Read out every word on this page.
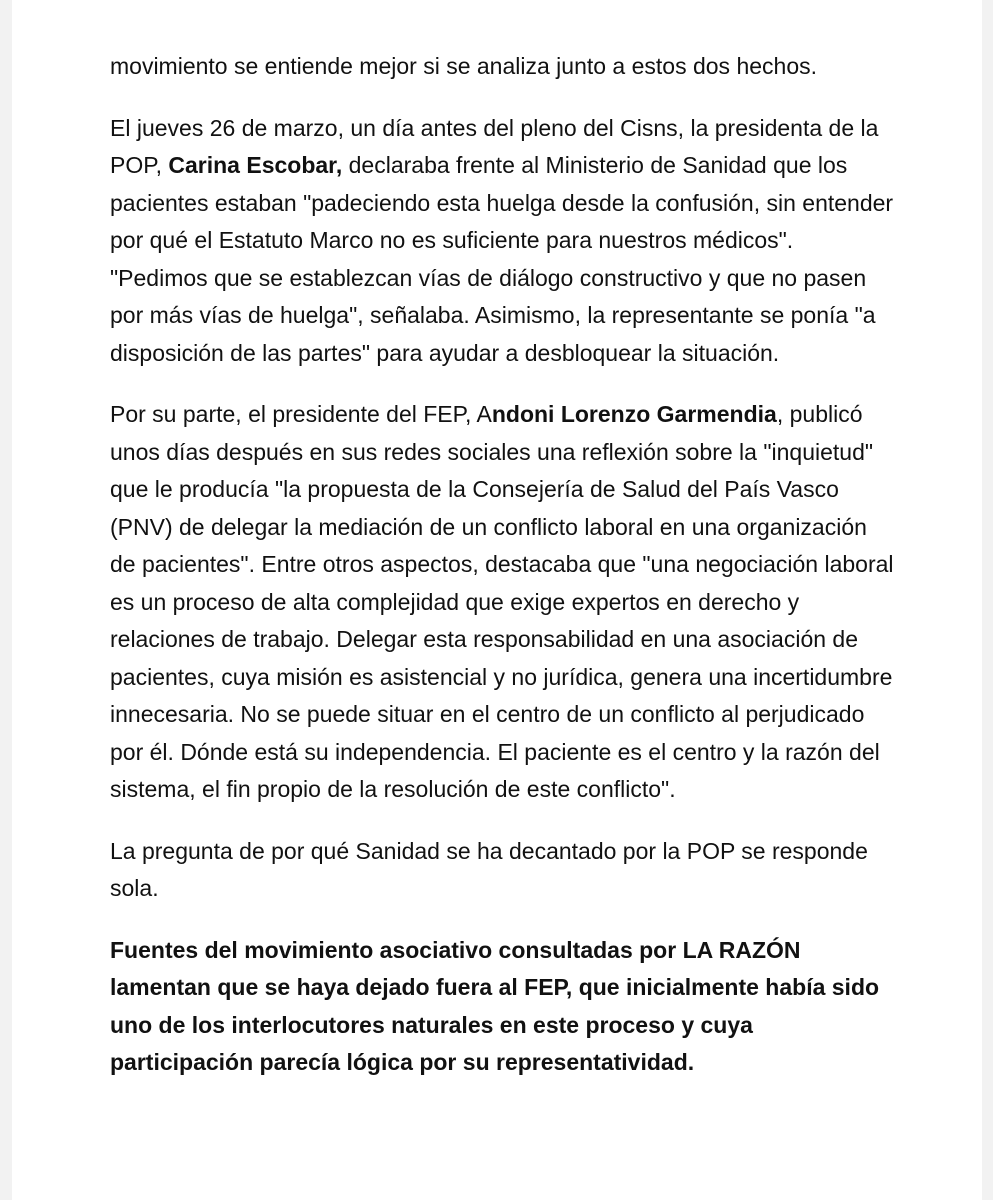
movimiento se entiende mejor si se analiza junto a estos dos hechos.

El jueves 26 de marzo, un día antes del pleno del Cisns, la presidenta de la POP, Carina Escobar, declaraba frente al Ministerio de Sanidad que los pacientes estaban "padeciendo esta huelga desde la confusión, sin entender por qué el Estatuto Marco no es suficiente para nuestros médicos". "Pedimos que se establezcan vías de diálogo constructivo y que no pasen por más vías de huelga", señalaba. Asimismo, la representante se ponía "a disposición de las partes" para ayudar a desbloquear la situación.

Por su parte, el presidente del FEP, Andoni Lorenzo Garmendia, publicó unos días después en sus redes sociales una reflexión sobre la "inquietud" que le producía "la propuesta de la Consejería de Salud del País Vasco (PNV) de delegar la mediación de un conflicto laboral en una organización de pacientes". Entre otros aspectos, destacaba que "una negociación laboral es un proceso de alta complejidad que exige expertos en derecho y relaciones de trabajo. Delegar esta responsabilidad en una asociación de pacientes, cuya misión es asistencial y no jurídica, genera una incertidumbre innecesaria. No se puede situar en el centro de un conflicto al perjudicado por él. Dónde está su independencia. El paciente es el centro y la razón del sistema, el fin propio de la resolución de este conflicto".

La pregunta de por qué Sanidad se ha decantado por la POP se responde sola.

Fuentes del movimiento asociativo consultadas por LA RAZÓN lamentan que se haya dejado fuera al FEP, que inicialmente había sido uno de los interlocutores naturales en este proceso y cuya participación parecía lógica por su representatividad.
